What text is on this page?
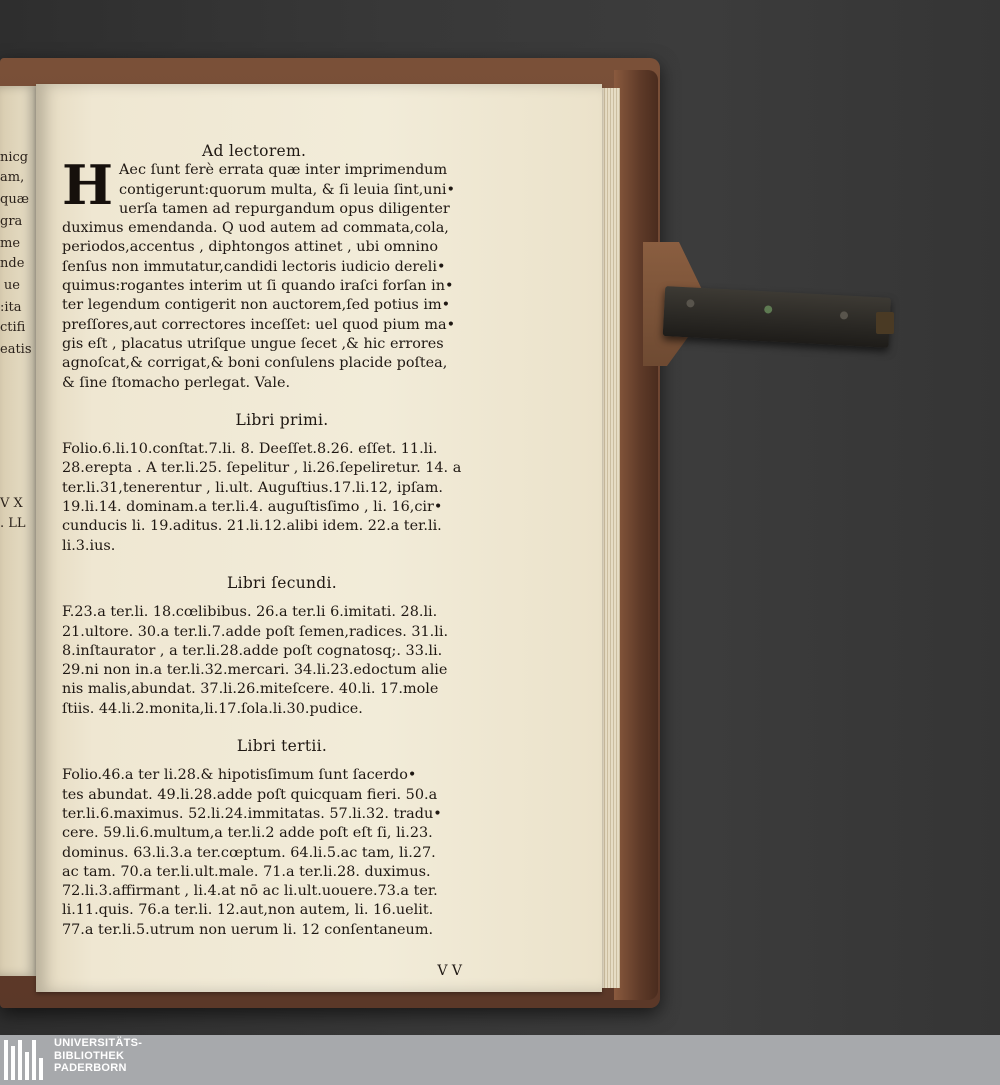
nicg
am,
quæ
gra
me
nde
ue
:ita
ctifi
eatis
V X
. LL

Ad lectorem.

H Aec ſunt ferè errata quæ inter imprimendum
contigerunt:quorum multa, & ſi leuia ſint,uni•
uerſa tamen ad repurgandum opus diligenter
duximus emendanda. Q uod autem ad commata,cola,
periodos,accentus , diphtongos attinet , ubi omnino
ſenſus non immutatur,candidi lectoris iudicio dereli•
quimus:rogantes interim ut ſi quando iraſci forſan in•
ter legendum contigerit non auctorem,ſed potius im•
preſſores,aut correctores inceſſet: uel quod pium ma•
gis eſt , placatus utriſque ungue ſecet ,& hic errores
agnoſcat,& corrigat,& boni conſulens placide poſtea,
& ſine ſtomacho perlegat. Vale.

Libri primi.

Folio.6.li.10.conſtat.7.li. 8. Deeſſet.8.26. eſſet. 11.li.
28.erepta . A ter.li.25. ſepelitur , li.26.ſepeliretur. 14. a
ter.li.31,tenerentur , li.ult. Auguſtius.17.li.12, ipſam.
19.li.14. dominam.a ter.li.4. auguſtisſimo , li. 16,cir•
cunducis li. 19.aditus. 21.li.12.alibi idem. 22.a ter.li.
li.3.ius.

Libri ſecundi.

F.23.a ter.li. 18.cœlibibus. 26.a ter.li 6.imitati. 28.li.
21.ultore. 30.a ter.li.7.adde poſt ſemen,radices. 31.li.
8.inſtaurator , a ter.li.28.adde poſt cognatosq;. 33.li.
29.ni non in.a ter.li.32.mercari. 34.li.23.edoctum alie
nis malis,abundat. 37.li.26.miteſcere. 40.li. 17.mole
ſtiis. 44.li.2.monita,li.17.ſola.li.30.pudice.

Libri tertii.

Folio.46.a ter li.28.& hipotisſimum ſunt ſacerdo•
tes abundat. 49.li.28.adde poſt quicquam fieri. 50.a
ter.li.6.maximus. 52.li.24.immitatas. 57.li.32. tradu•
cere. 59.li.6.multum,a ter.li.2 adde poſt eſt ſi, li.23.
dominus. 63.li.3.a ter.cœptum. 64.li.5.ac tam, li.27.
ac tam. 70.a ter.li.ult.male. 71.a ter.li.28. duximus.
72.li.3.affirmant , li.4.at nō ac li.ult.uouere.73.a ter.
li.11.quis. 76.a ter.li. 12.aut,non autem, li. 16.uelit.
77.a ter.li.5.utrum non uerum li. 12 conſentaneum.

V V

UNIVERSITÄTS-
BIBLIOTHEK
PADERBORN
